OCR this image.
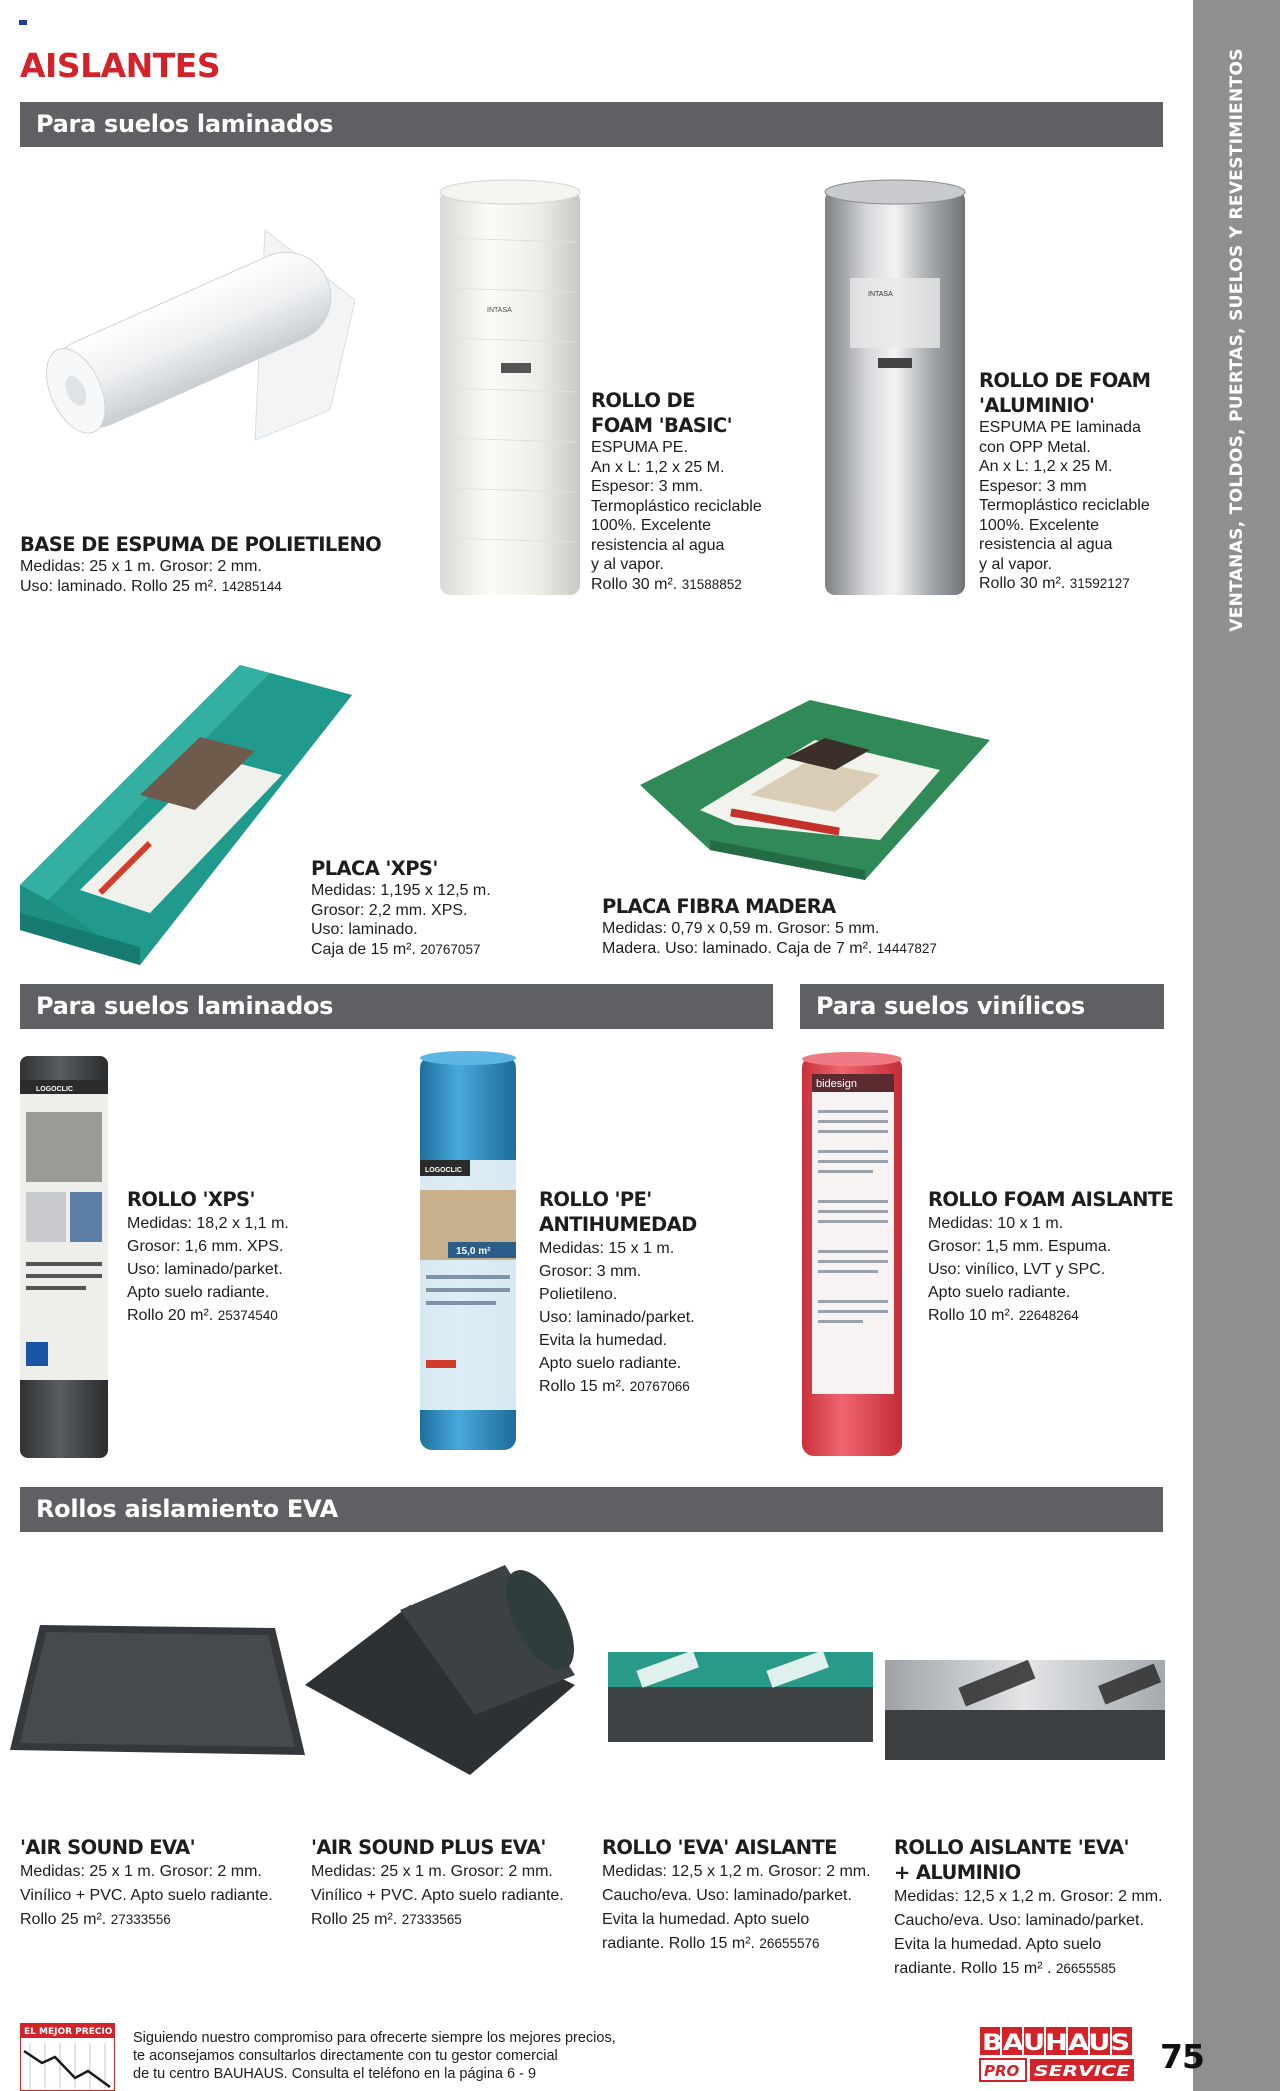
VENTANAS, TOLDOS, PUERTAS, SUELOS Y REVESTIMIENTOS
AISLANTES
Para suelos laminados
Para suelos laminados	Para suelos vinílicos
Rollos aislamiento EVA
INTASA
INTASA
BASE DE ESPUMA DE POLIETILENO
Medidas: 25 x 1 m. Grosor: 2 mm.
Uso: laminado. Rollo 25 m². 14285144
ROLLO DE
FOAM 'BASIC'
ESPUMA PE.
An x L: 1,2 x 25 M.
Espesor: 3 mm.
Termoplástico reciclable
100%. Excelente
resistencia al agua
y al vapor.
Rollo 30 m². 31588852
ROLLO DE FOAM
'ALUMINIO'
ESPUMA PE laminada
con OPP Metal.
An x L: 1,2 x 25 M.
Espesor: 3 mm
Termoplástico reciclable
100%. Excelente
resistencia al agua
y al vapor.
Rollo 30 m². 31592127
PLACA 'XPS'
Medidas: 1,195 x 12,5 m.
Grosor: 2,2 mm. XPS.
Uso: laminado.
Caja de 15 m². 20767057
PLACA FIBRA MADERA
Medidas: 0,79 x 0,59 m. Grosor: 5 mm.
Madera. Uso: laminado. Caja de 7 m². 14447827
LOGOCLIC
LOGOCLIC
15,0 m²
bidesign
ROLLO 'XPS'
Medidas: 18,2 x 1,1 m.
Grosor: 1,6 mm. XPS.
Uso: laminado/parket.
Apto suelo radiante.
Rollo 20 m². 25374540
ROLLO 'PE'
ANTIHUMEDAD
Medidas: 15 x 1 m.
Grosor: 3 mm.
Polietileno.
Uso: laminado/parket.
Evita la humedad.
Apto suelo radiante.
Rollo 15 m². 20767066
ROLLO FOAM AISLANTE
Medidas: 10 x 1 m.
Grosor: 1,5 mm. Espuma.
Uso: vinílico, LVT y SPC.
Apto suelo radiante.
Rollo 10 m². 22648264
'AIR SOUND EVA'
Medidas: 25 x 1 m. Grosor: 2 mm.
Vinílico + PVC. Apto suelo radiante.
Rollo 25 m². 27333556
'AIR SOUND PLUS EVA'
Medidas: 25 x 1 m. Grosor: 2 mm.
Vinílico + PVC. Apto suelo radiante.
Rollo 25 m². 27333565
ROLLO 'EVA' AISLANTE
Medidas: 12,5 x 1,2 m. Grosor: 2 mm.
Caucho/eva. Uso: laminado/parket.
Evita la humedad. Apto suelo
radiante. Rollo 15 m². 26655576
ROLLO AISLANTE 'EVA'
+ ALUMINIO
Medidas: 12,5 x 1,2 m. Grosor: 2 mm.
Caucho/eva. Uso: laminado/parket.
Evita la humedad. Apto suelo
radiante. Rollo 15 m² . 26655585
EL MEJOR PRECIO Siguiendo nuestro compromiso para ofrecerte siempre los mejores precios,
te aconsejamos consultarlos directamente con tu gestor comercial
de tu centro BAUHAUS. Consulta el teléfono en la página 6 - 9
BAUHAUS
PRO SERVICE 75
